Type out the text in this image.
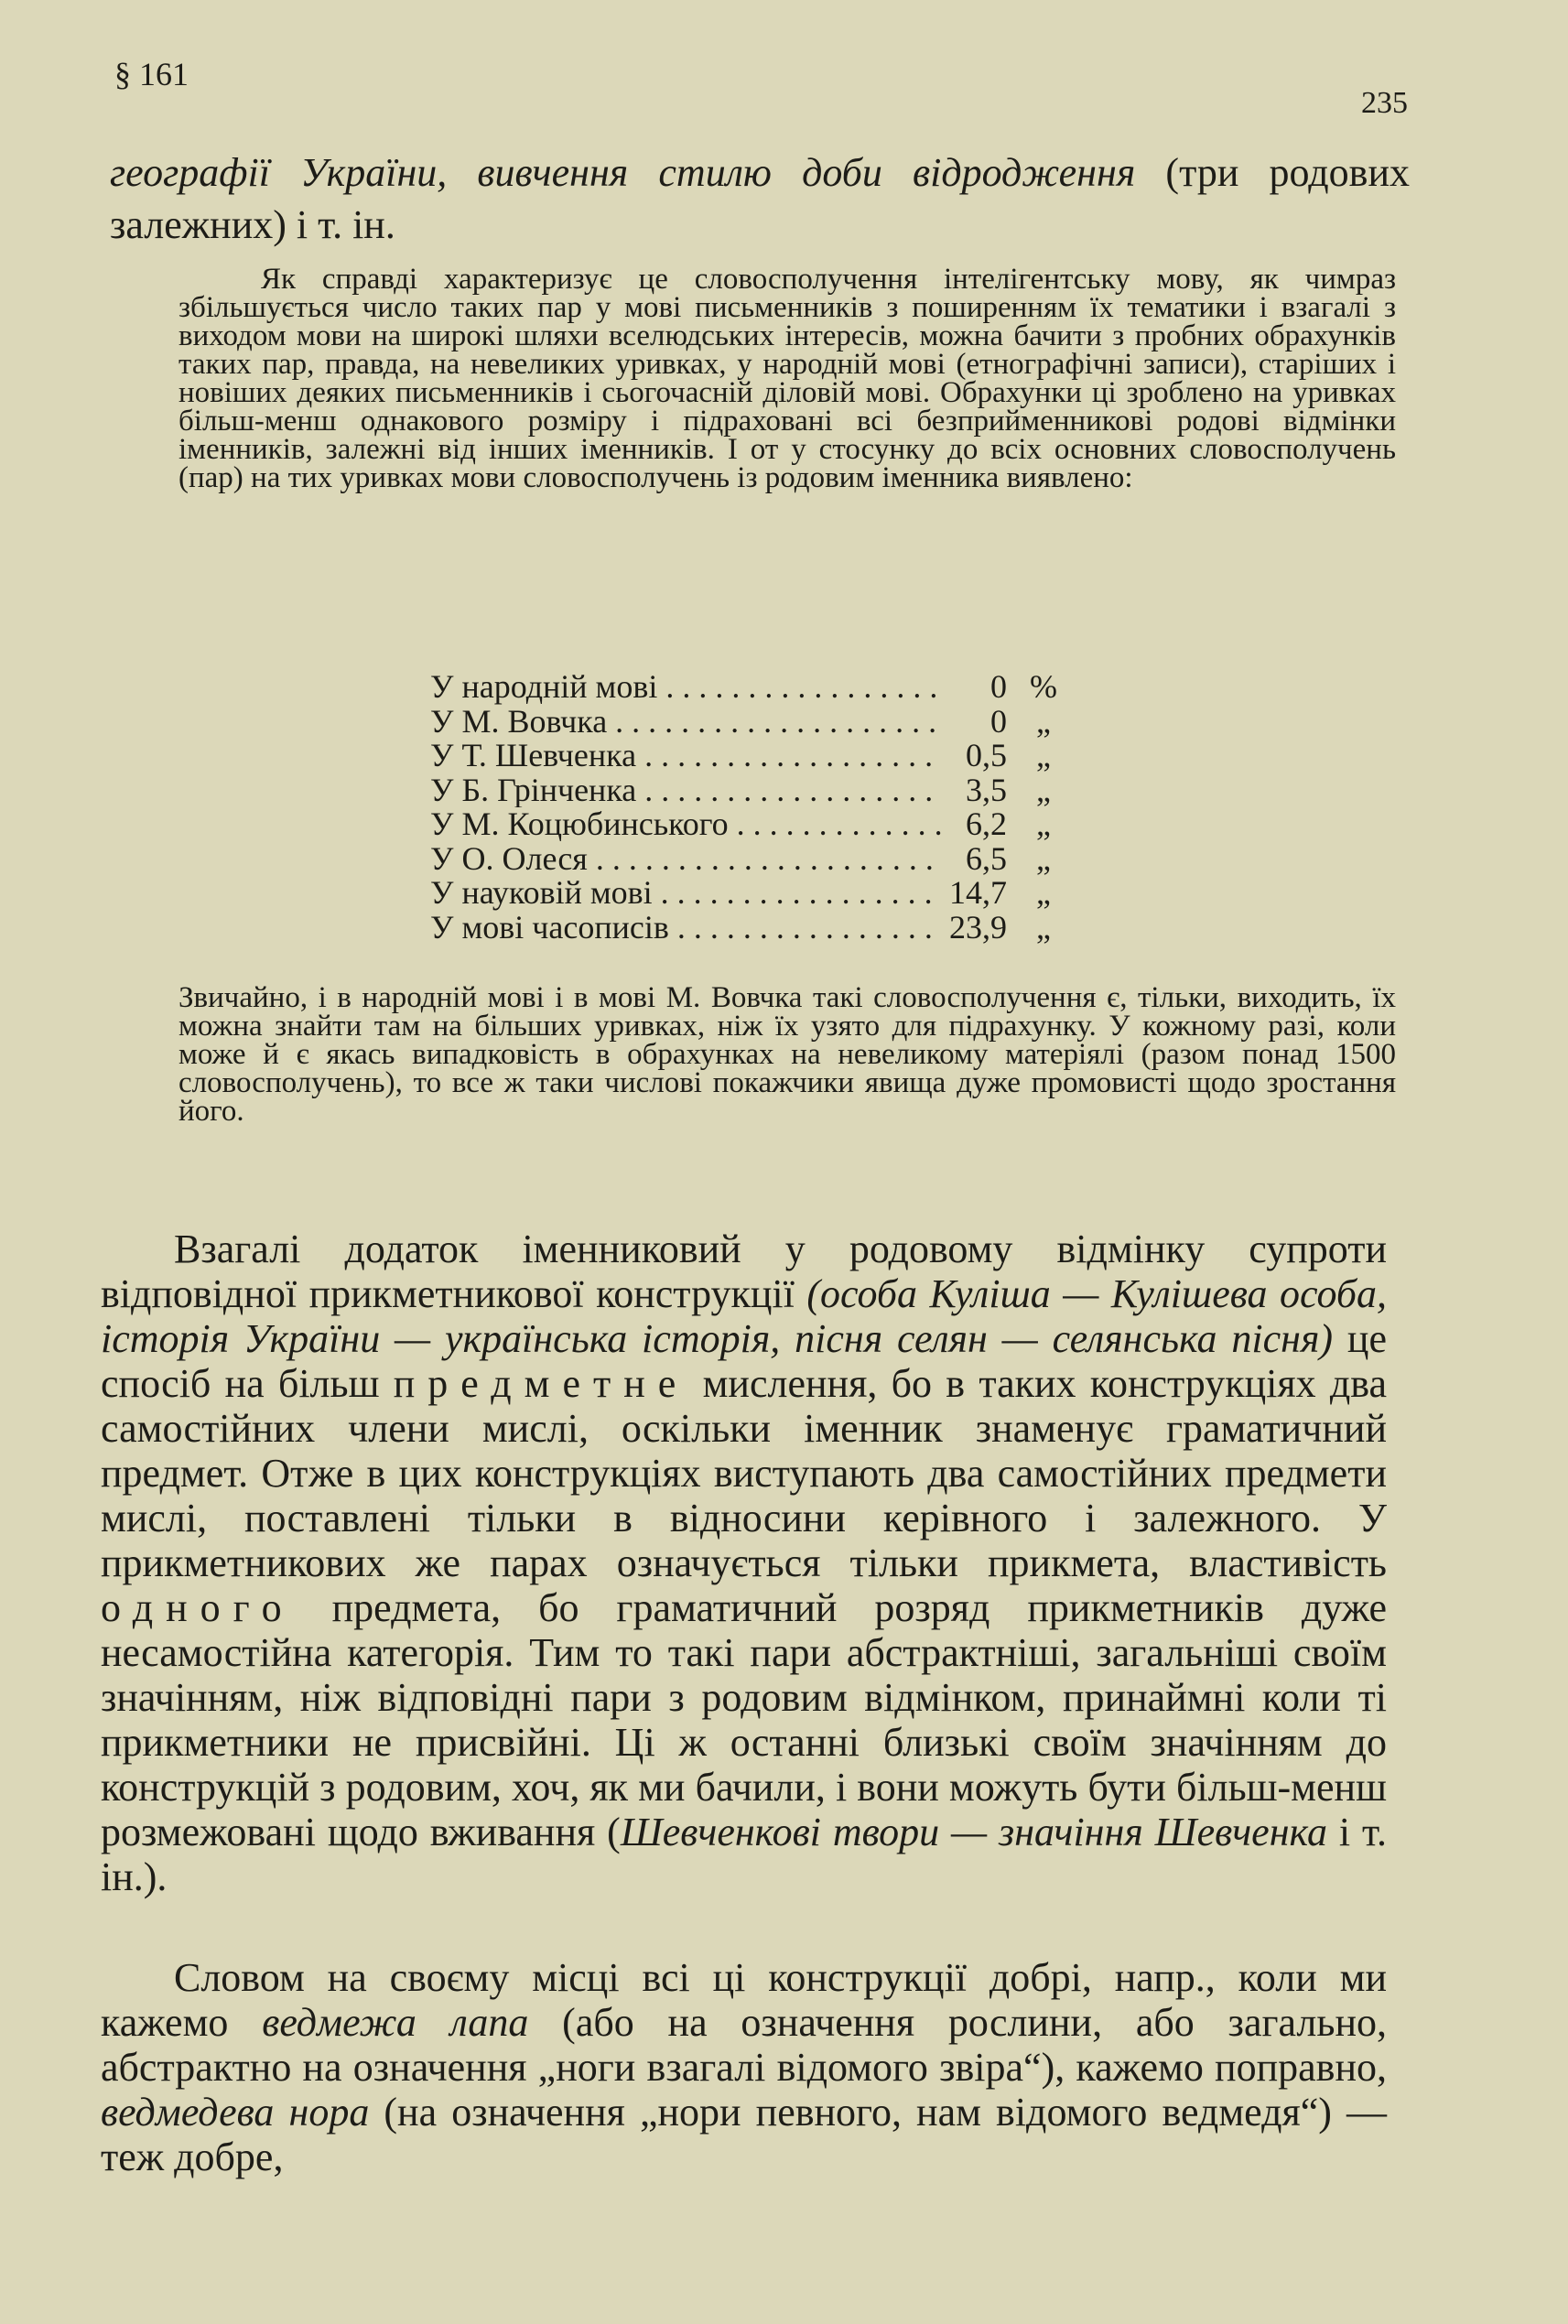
§ 161
235
географії України, вивчення стилю доби відродження (три родових залежних) і т. ін.
Як справді характеризує це словосполучення інтелігентську мову, як чимраз збільшується число таких пар у мові письменників з поширенням їх тематики і взагалі з виходом мови на широкі шляхи вселюдських інтересів, можна бачити з пробних обрахунків таких пар, правда, на невеликих уривках, у народній мові (етнографічні записи), старіших і новіших деяких письменників і сьогочасній діловій мові. Обрахунки ці зроблено на уривках більш-менш однакового розміру і підраховані всі безприйменникові родові відмінки іменників, залежні від інших іменників. І от у стосунку до всіх основних словосполучень (пар) на тих уривках мови словосполучень із родовим іменника виявлено:
У народній мові . . .	0 %
У М. Вовчка . . .	0 „
У Т. Шевченка . . .	0,5 „
У Б. Грінченка . . .	3,5 „
У М. Коцюбинського . . .	6,2 „
У О. Олеся . . .	6,5 „
У науковій мові . . .	14,7 „
У мові часописів . . .	23,9 „
Звичайно, і в народній мові і в мові М. Вовчка такі словосполучення є, тільки, виходить, їх можна знайти там на більших уривках, ніж їх узято для підрахунку. У кожному разі, коли може й є якась випадковість в обрахунках на невеликому матеріялі (разом понад 1500 словосполучень), то все ж таки числові покажчики явища дуже промовисті щодо зростання його.
Взагалі додаток іменниковий у родовому відмінку супроти відповідної прикметникової конструкції (особа Куліша — Кулішева особа, історія України — українська історія, пісня селян — селянська пісня) це спосіб на більш предметне мислення, бо в таких конструкціях два самостійних члени мислі, оскільки іменник знаменує граматичний предмет. Отже в цих конструкціях виступають два самостійних предмети мислі, поставлені тільки в відносини керівного і залежного. У прикметникових же парах означується тільки прикмета, властивість одного предмета, бо граматичний розряд прикметників дуже несамостійна категорія. Тим то такі пари абстрактніші, загальніші своїм значінням, ніж відповідні пари з родовим відмінком, принаймні коли ті прикметники не присвійні. Ці ж останні близькі своїм значінням до конструкцій з родовим, хоч, як ми бачили, і вони можуть бути більш-менш розмежовані щодо вживання (Шевченкові твори — значіння Шевченка і т. ін.).
Словом на своєму місці всі ці конструкції добрі, напр., коли ми кажемо ведмежа лапа (або на означення рослини, або загально, абстрактно на означення „ноги взагалі відомого звіра“), кажемо поправно, ведмедева нора (на означення „нори певного, нам відомого ведмедя“) — теж добре,
